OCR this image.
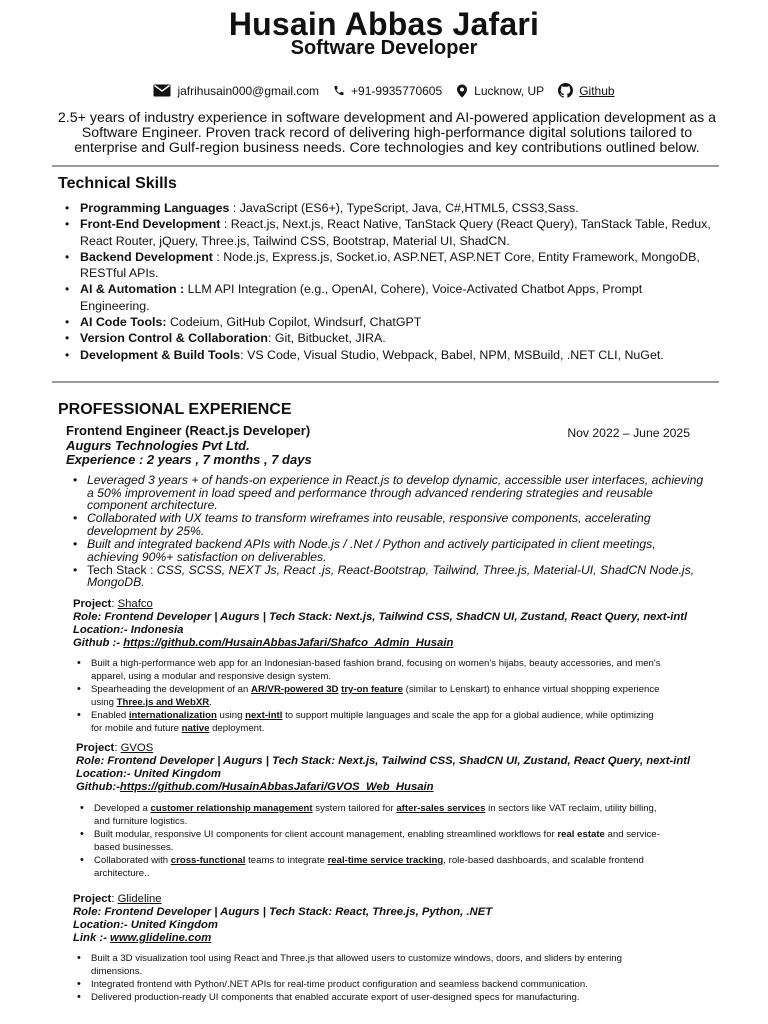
Husain Abbas Jafari
Software Developer
jafrihusain000@gmail.com	+91-9935770605	Lucknow, UP	Github
2.5+ years of industry experience in software development and AI-powered application development as a Software Engineer. Proven track record of delivering high-performance digital solutions tailored to enterprise and Gulf-region business needs. Core technologies and key contributions outlined below.
Technical Skills
• Programming Languages : JavaScript (ES6+), TypeScript, Java, C#,HTML5, CSS3,Sass.
• Front-End Development : React.js, Next.js, React Native, TanStack Query (React Query), TanStack Table, Redux, React Router, jQuery, Three.js, Tailwind CSS, Bootstrap, Material UI, ShadCN.
• Backend Development : Node.js, Express.js, Socket.io, ASP.NET, ASP.NET Core, Entity Framework, MongoDB, RESTful APIs.
• AI & Automation : LLM API Integration (e.g., OpenAI, Cohere), Voice-Activated Chatbot Apps, Prompt Engineering.
• AI Code Tools: Codeium, GitHub Copilot, Windsurf, ChatGPT
• Version Control & Collaboration: Git, Bitbucket, JIRA.
• Development & Build Tools: VS Code, Visual Studio, Webpack, Babel, NPM, MSBuild, .NET CLI, NuGet.
PROFESSIONAL EXPERIENCE
Frontend Engineer (React.js Developer)	Nov 2022 – June 2025
Augurs Technologies Pvt Ltd.
Experience : 2 years , 7 months , 7 days
• Leveraged 3 years + of hands-on experience in React.js to develop dynamic, accessible user interfaces, achieving a 50% improvement in load speed and performance through advanced rendering strategies and reusable component architecture.
• Collaborated with UX teams to transform wireframes into reusable, responsive components, accelerating development by 25%.
• Built and integrated backend APIs with Node.js / .Net / Python and actively participated in client meetings, achieving 90%+ satisfaction on deliverables.
• Tech Stack : CSS, SCSS, NEXT Js, React .js, React-Bootstrap, Tailwind, Three.js, Material-UI, ShadCN Node.js, MongoDB.
Project: Shafco
Role: Frontend Developer | Augurs | Tech Stack: Next.js, Tailwind CSS, ShadCN UI, Zustand, React Query, next-intl
Location:- Indonesia
Github :- https://github.com/HusainAbbasJafari/Shafco_Admin_Husain
• Built a high-performance web app for an Indonesian-based fashion brand, focusing on women's hijabs, beauty accessories, and men's apparel, using a modular and responsive design system.
• Spearheading the development of an AR/VR-powered 3D try-on feature (similar to Lenskart) to enhance virtual shopping experience using Three.js and WebXR.
• Enabled internationalization using next-intl to support multiple languages and scale the app for a global audience, while optimizing for mobile and future native deployment.
Project: GVOS
Role: Frontend Developer | Augurs | Tech Stack: Next.js, Tailwind CSS, ShadCN UI, Zustand, React Query, next-intl
Location:- United Kingdom
Github:-https://github.com/HusainAbbasJafari/GVOS_Web_Husain
• Developed a customer relationship management system tailored for after-sales services in sectors like VAT reclaim, utility billing, and furniture logistics.
• Built modular, responsive UI components for client account management, enabling streamlined workflows for real estate and service-based businesses.
• Collaborated with cross-functional teams to integrate real-time service tracking, role-based dashboards, and scalable frontend architecture..
Project: Glideline
Role: Frontend Developer | Augurs | Tech Stack: React, Three.js, Python, .NET
Location:- United Kingdom
Link :- www.glideline.com
• Built a 3D visualization tool using React and Three.js that allowed users to customize windows, doors, and sliders by entering dimensions.
• Integrated frontend with Python/.NET APIs for real-time product configuration and seamless backend communication.
• Delivered production-ready UI components that enabled accurate export of user-designed specs for manufacturing.
